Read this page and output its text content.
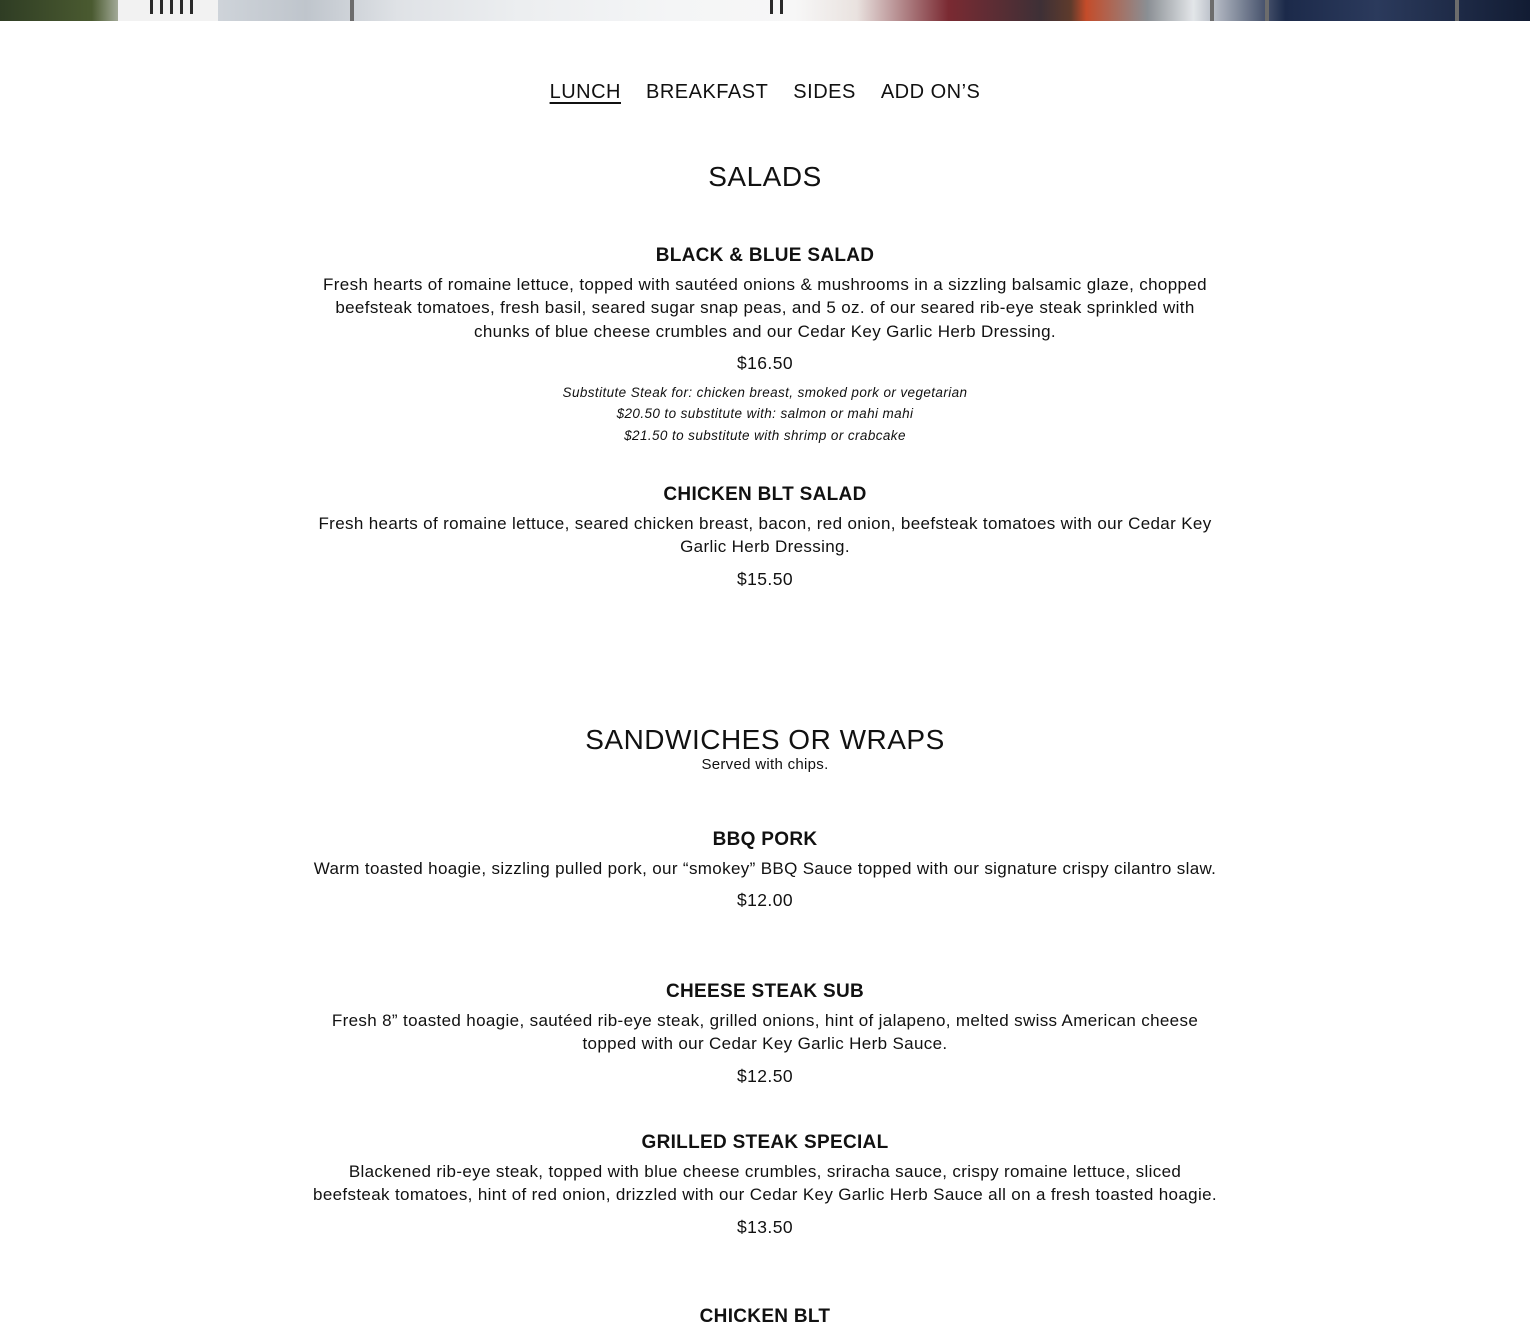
LUNCH BREAKFAST SIDES ADD ON’S
SALADS
BLACK & BLUE SALAD
Fresh hearts of romaine lettuce, topped with sautéed onions & mushrooms in a sizzling balsamic glaze, chopped beefsteak tomatoes, fresh basil, seared sugar snap peas, and 5 oz. of our seared rib-eye steak sprinkled with chunks of blue cheese crumbles and our Cedar Key Garlic Herb Dressing.
$16.50
Substitute Steak for: chicken breast, smoked pork or vegetarian
$20.50 to substitute with: salmon or mahi mahi
$21.50 to substitute with shrimp or crabcake
CHICKEN BLT SALAD
Fresh hearts of romaine lettuce, seared chicken breast, bacon, red onion, beefsteak tomatoes with our Cedar Key Garlic Herb Dressing.
$15.50
SANDWICHES OR WRAPS
Served with chips.
BBQ PORK
Warm toasted hoagie, sizzling pulled pork, our “smokey” BBQ Sauce topped with our signature crispy cilantro slaw.
$12.00
CHEESE STEAK SUB
Fresh 8” toasted hoagie, sautéed rib-eye steak, grilled onions, hint of jalapeno, melted swiss American cheese topped with our Cedar Key Garlic Herb Sauce.
$12.50
GRILLED STEAK SPECIAL
Blackened rib-eye steak, topped with blue cheese crumbles, sriracha sauce, crispy romaine lettuce, sliced beefsteak tomatoes, hint of red onion, drizzled with our Cedar Key Garlic Herb Sauce all on a fresh toasted hoagie.
$13.50
CHICKEN BLT
